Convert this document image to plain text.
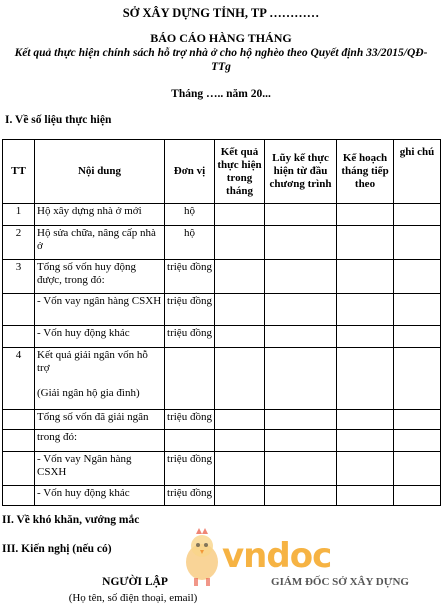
SỞ XÂY DỰNG TỈNH, TP …………
BÁO CÁO HÀNG THÁNG
Kết quả thực hiện chính sách hỗ trợ nhà ở cho hộ nghèo theo Quyết định 33/2015/QĐ-TTg
Tháng ….. năm 20...
I. Về số liệu thực hiện
TT	Nội dung	Đơn vị	Kết quả thực hiện trong tháng	Lũy kế thực hiện từ đầu chương trình	Kế hoạch tháng tiếp theo	ghi chú
1	Hộ xây dựng nhà ở mới	hộ				
2	Hộ sửa chữa, nâng cấp nhà ở	hộ				
3	Tổng số vốn huy động được, trong đó:	triệu đồng				
	- Vốn vay ngân hàng CSXH	triệu đồng				
	- Vốn huy động khác	triệu đồng				
4	Kết quả giải ngân vốn hỗ trợ
(Giải ngân hộ gia đình)					

	Tổng số vốn đã giải ngân	triệu đồng				
	trong đó:					
	- Vốn vay Ngân hàng CSXH	triệu đồng				
	- Vốn huy động khác	triệu đồng				
II. Về khó khăn, vướng mắc
III. Kiến nghị (nếu có)	vndoc
NGƯỜI LẬP
(Họ tên, số điện thoại, email)
GIÁM ĐỐC SỞ XÂY DỰNG
